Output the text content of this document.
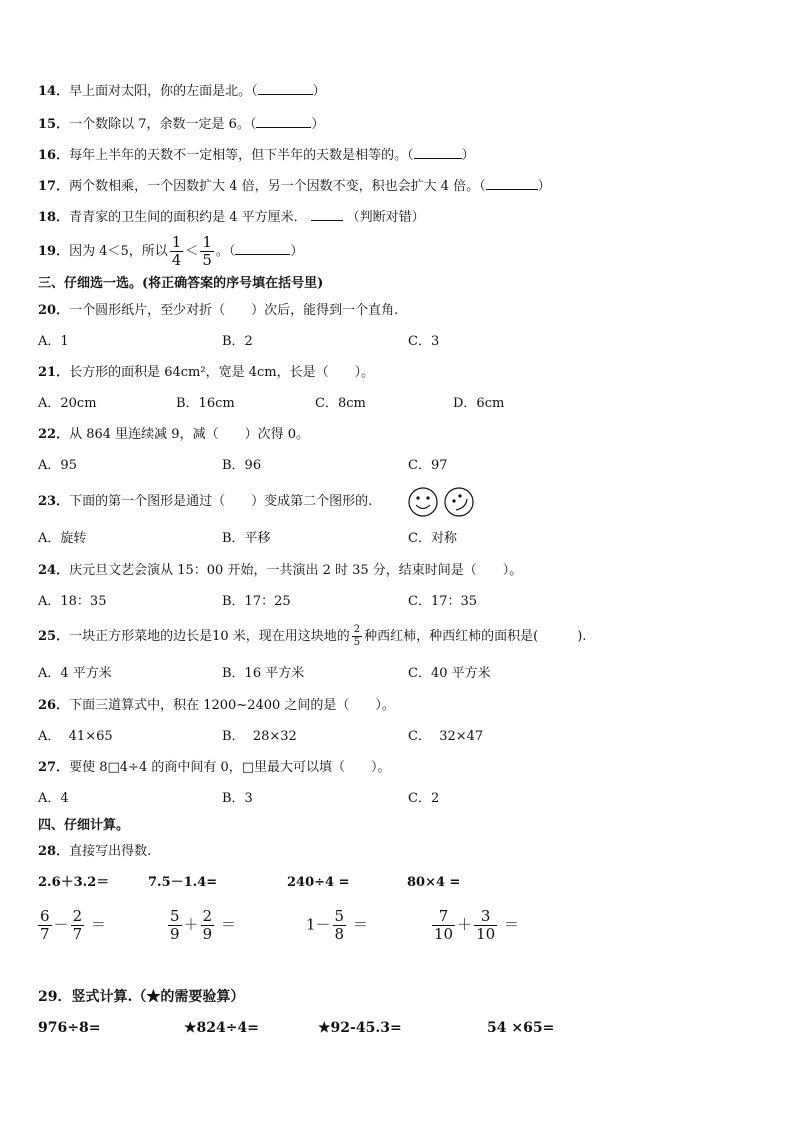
14．早上面对太阳，你的左面是北。（	）
15．一个数除以 7，余数一定是 6。（	）
16．每年上半年的天数不一定相等，但下半年的天数是相等的。（	）
17．两个数相乘，一个因数扩大 4 倍，另一个因数不变，积也会扩大 4 倍。（	）
18．青青家的卫生间的面积约是 4 平方厘米．	（判断对错）
19．因为 4＜5，所以 $\frac{1}{4} < \frac{1}{5}$ 。（	）
三、仔细选一选。(将正确答案的序号填在括号里)
20．一个圆形纸片，至少对折（　　）次后，能得到一个直角.
A．1	B．2	C．3
21．长方形的面积是 64cm²，宽是 4cm，长是（　　）。
A．20cm	B．16cm	C．8cm	D．6cm
22．从 864 里连续减 9，减（　　）次得 0。
A．95	B．96	C．97
23．下面的第一个图形是通过（　　）变成第二个图形的.
A．旋转	B．平移	C．对称
24．庆元旦文艺会演从 15：00 开始，一共演出 2 时 35 分，结束时间是（　　）。
A．18：35	B．17：25	C．17：35
25．一块正方形菜地的边长是10 米，现在用这块地的 $\frac{2}{5}$ 种西红柿，种西红柿的面积是(　　　).
A．4 平方米	B．16 平方米	C．40 平方米
26．下面三道算式中，积在 1200~2400 之间的是（　　）。
A．  41×65	B．  28×32	C．  32×47
27．要使 8□4÷4 的商中间有 0，□里最大可以填（　　）。
A．4	B．3	C．2
四、仔细计算。
28．直接写出得数.
2.6＋3.2＝	7.5－1.4=	240÷4 =	80×4 =
$\frac{6}{7} - \frac{2}{7}$ ＝	$\frac{5}{9} + \frac{2}{9}$ ＝	$1- \frac{5}{8}$ ＝	$\frac{7}{10} + \frac{3}{10}$ ＝
29．竖式计算.（★的需要验算）
976÷8=	★824÷4=	★92-45.3=	54 ×65=
